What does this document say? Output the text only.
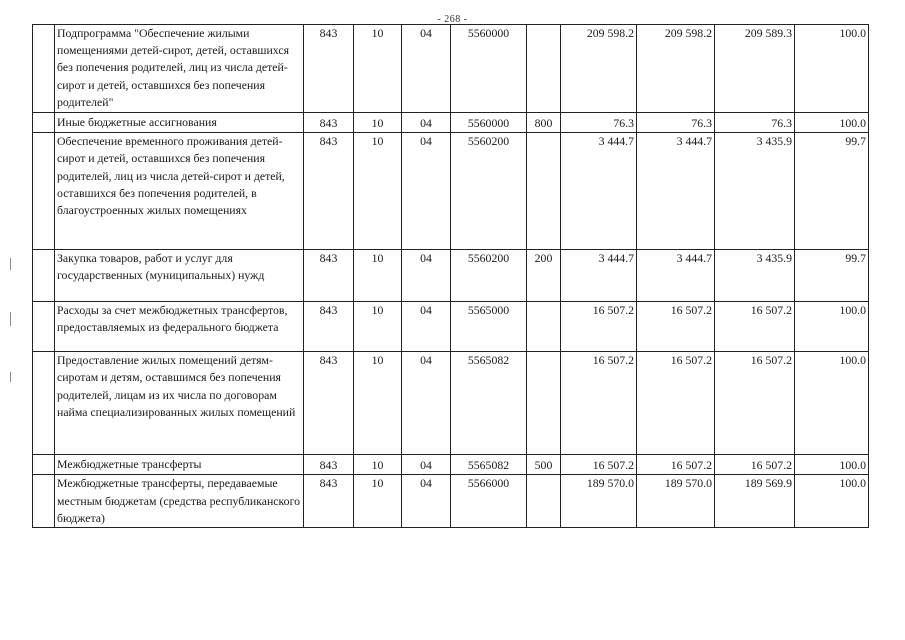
- 268 -
	Подпрограмма "Обеспечение жилыми помещениями детей-сирот, детей, оставшихся без попечения родителей, лиц из числа детей-сирот и детей, оставшихся без попечения родителей"	843	10	04	5560000		209 598.2	209 598.2	209 589.3	100.0
	Иные бюджетные ассигнования	843	10	04	5560000	800	76.3	76.3	76.3	100.0
	Обеспечение временного проживания детей-сирот и детей, оставшихся без попечения родителей, лиц из числа детей-сирот и детей, оставшихся без попечения родителей, в благоустроенных жилых помещениях	843	10	04	5560200		3 444.7	3 444.7	3 435.9	99.7
	Закупка товаров, работ и услуг для государственных (муниципальных) нужд	843	10	04	5560200	200	3 444.7	3 444.7	3 435.9	99.7
	Расходы за счет межбюджетных трансфертов, предоставляемых из федерального бюджета	843	10	04	5565000		16 507.2	16 507.2	16 507.2	100.0
	Предоставление жилых помещений детям-сиротам и детям, оставшимся без попечения родителей, лицам из их числа по договорам найма специализированных жилых помещений	843	10	04	5565082		16 507.2	16 507.2	16 507.2	100.0
	Межбюджетные трансферты	843	10	04	5565082	500	16 507.2	16 507.2	16 507.2	100.0
	Межбюджетные трансферты, передаваемые местным бюджетам (средства республиканского бюджета)	843	10	04	5566000		189 570.0	189 570.0	189 569.9	100.0
